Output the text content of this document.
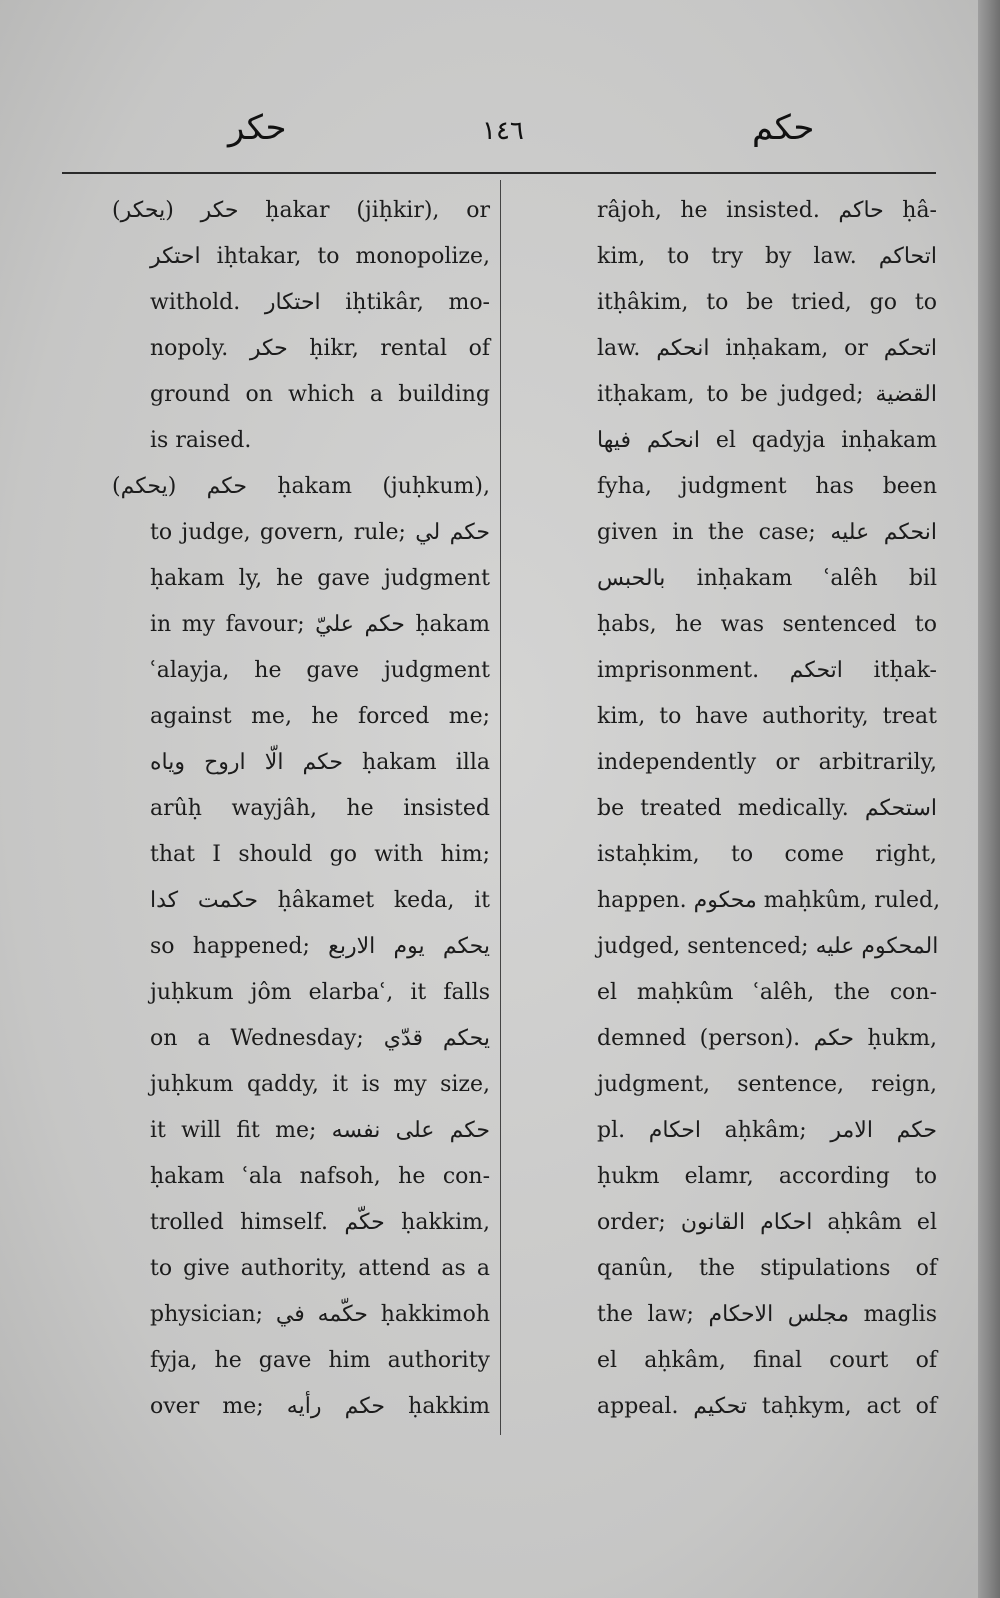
حكر	١٤٦	حكم
حكر (يحكر) ḥakar (jiḥkir), or
احتكر iḥtakar, to monopolize,
withold. احتكار iḥtikâr, mo-
nopoly. حكر ḥikr, rental of
ground on which a building
is raised.
حكم (يحكم) ḥakam (juḥkum),
to judge, govern, rule; حكم لي
ḥakam ly, he gave judgment
in my favour; حكم عليّ ḥakam
ʿalayja, he gave judgment
against me, he forced me;
حكم الّا اروح وياه ḥakam illa
arûḥ wayjâh, he insisted
that I should go with him;
حكمت كدا ḥâkamet keda, it
so happened; يحكم يوم الاربع
juḥkum jôm elarbaʿ, it falls
on a Wednesday; يحكم قدّي
juḥkum qaddy, it is my size,
it will fit me; حكم على نفسه
ḥakam ʿala nafsoh, he con-
trolled himself. حكّم ḥakkim,
to give authority, attend as a
physician; حكّمه في ḥakkimoh
fyja, he gave him authority
over me; حكم رأيه ḥakkim
râjoh, he insisted. حاكم ḥâ-
kim, to try by law. اتحاكم
itḥâkim, to be tried, go to
law. انحكم inḥakam, or اتحكم
itḥakam, to be judged; القضية
انحكم فيها el qadyja inḥakam
fyha, judgment has been
given in the case; انحكم عليه
بالحبس inḥakam ʿalêh bil
ḥabs, he was sentenced to
imprisonment. اتحكم itḥak-
kim, to have authority, treat
independently or arbitrarily,
be treated medically. استحكم
istaḥkim, to come right,
happen. محكوم maḥkûm, ruled,
judged, sentenced; المحكوم عليه
el maḥkûm ʿalêh, the con-
demned (person). حكم ḥukm,
judgment, sentence, reign,
pl. احكام aḥkâm; حكم الامر
ḥukm elamr, according to
order; احكام القانون aḥkâm el
qanûn, the stipulations of
the law; مجلس الاحكام maglis
el aḥkâm, final court of
appeal. تحكيم taḥkym, act of
